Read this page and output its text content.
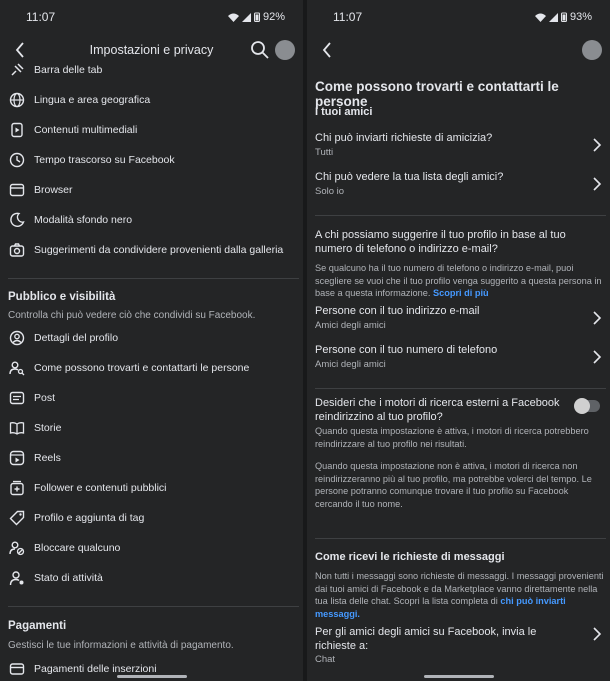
11:07	92%
Impostazioni e privacy
Barra delle tab
Lingua e area geografica
Contenuti multimediali
Tempo trascorso su Facebook
Browser
Modalità sfondo nero
Suggerimenti da condividere provenienti dalla galleria
Pubblico e visibilità
Controlla chi può vedere ciò che condividi su Facebook.
Dettagli del profilo
Come possono trovarti e contattarti le persone
Post
Storie
Reels
Follower e contenuti pubblici
Profilo e aggiunta di tag
Bloccare qualcuno
Stato di attività
Pagamenti
Gestisci le tue informazioni e attività di pagamento.
Pagamenti delle inserzioni
11:07	93%
Come possono trovarti e contattarti le persone
I tuoi amici
Chi può inviarti richieste di amicizia?
Tutti
Chi può vedere la tua lista degli amici?
Solo io
A chi possiamo suggerire il tuo profilo in base al tuo numero di telefono o indirizzo e-mail?
Se qualcuno ha il tuo numero di telefono o indirizzo e-mail, puoi scegliere se vuoi che il tuo profilo venga suggerito a questa persona in base a questa informazione. Scopri di più
Persone con il tuo indirizzo e-mail
Amici degli amici
Persone con il tuo numero di telefono
Amici degli amici
Desideri che i motori di ricerca esterni a Facebook reindirizzino al tuo profilo?
Quando questa impostazione è attiva, i motori di ricerca potrebbero reindirizzare al tuo profilo nei risultati.
Quando questa impostazione non è attiva, i motori di ricerca non reindirizzeranno più al tuo profilo, ma potrebbe volerci del tempo. Le persone potranno comunque trovare il tuo profilo su Facebook cercando il tuo nome.
Come ricevi le richieste di messaggi
Non tutti i messaggi sono richieste di messaggi. I messaggi provenienti dai tuoi amici di Facebook e da Marketplace vanno direttamente nella tua lista delle chat. Scopri la lista completa di chi può inviarti messaggi.
Per gli amici degli amici su Facebook, invia le richieste a:
Chat
